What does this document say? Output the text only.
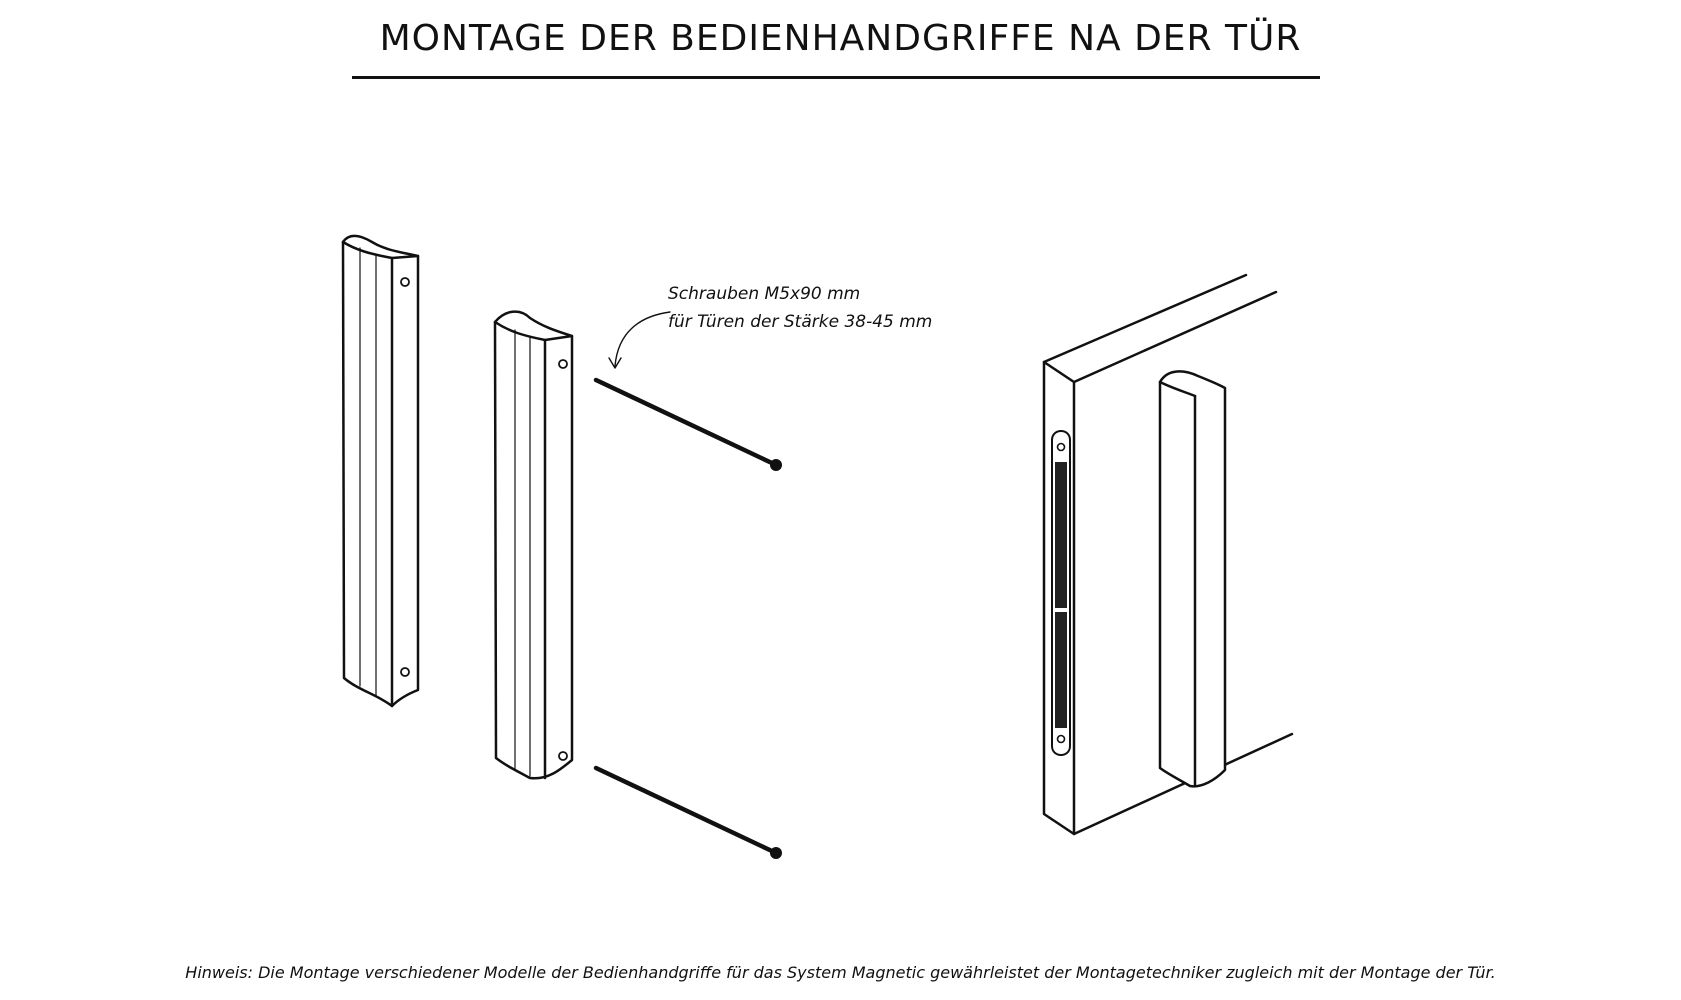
MONTAGE DER BEDIENHANDGRIFFE NA DER TÜR
Schrauben M5x90 mm
für Türen der Stärke 38-45 mm
Hinweis: Die Montage verschiedener Modelle der Bedienhandgriffe für das System Magnetic gewährleistet der Montagetechniker zugleich mit der Montage der Tür.
